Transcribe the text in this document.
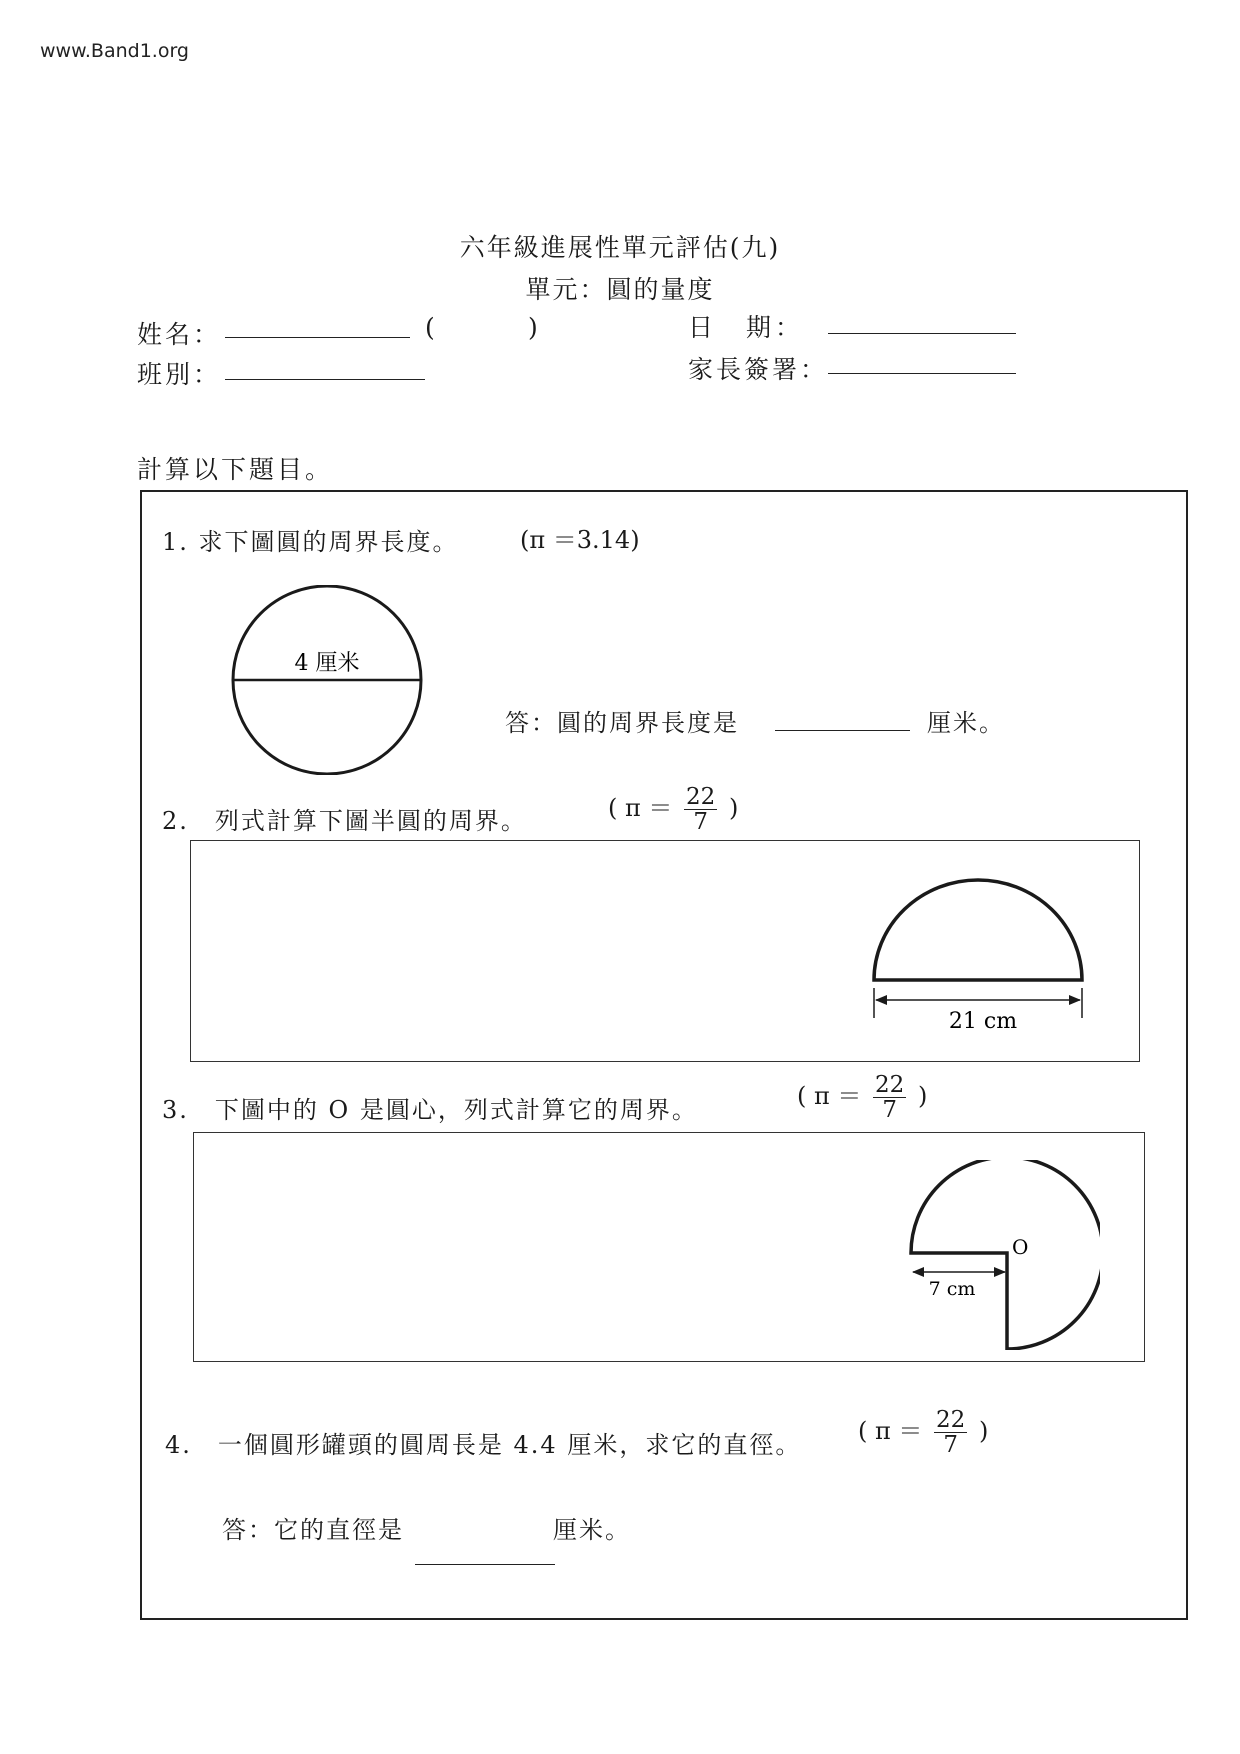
www.Band1.org
六年級進展性單元評估(九)
單元：圓的量度
姓名：	(	)	日　期：
班別：	家長簽署：
計算以下題目。
1. 求下圖圓的周界長度。	(π ＝3.14)
4 厘米
答：圓的周界長度是	厘米。
2.　列式計算下圖半圓的周界。	( $\pi = \frac{22}{7}$ )
21 cm
3.　下圖中的 O 是圓心，列式計算它的周界。	( $\pi = \frac{22}{7}$ )
O
7 cm
4.　一個圓形罐頭的圓周長是 4.4 厘米，求它的直徑。 ( $\pi = \frac{22}{7}$ )
答：它的直徑是	厘米。
